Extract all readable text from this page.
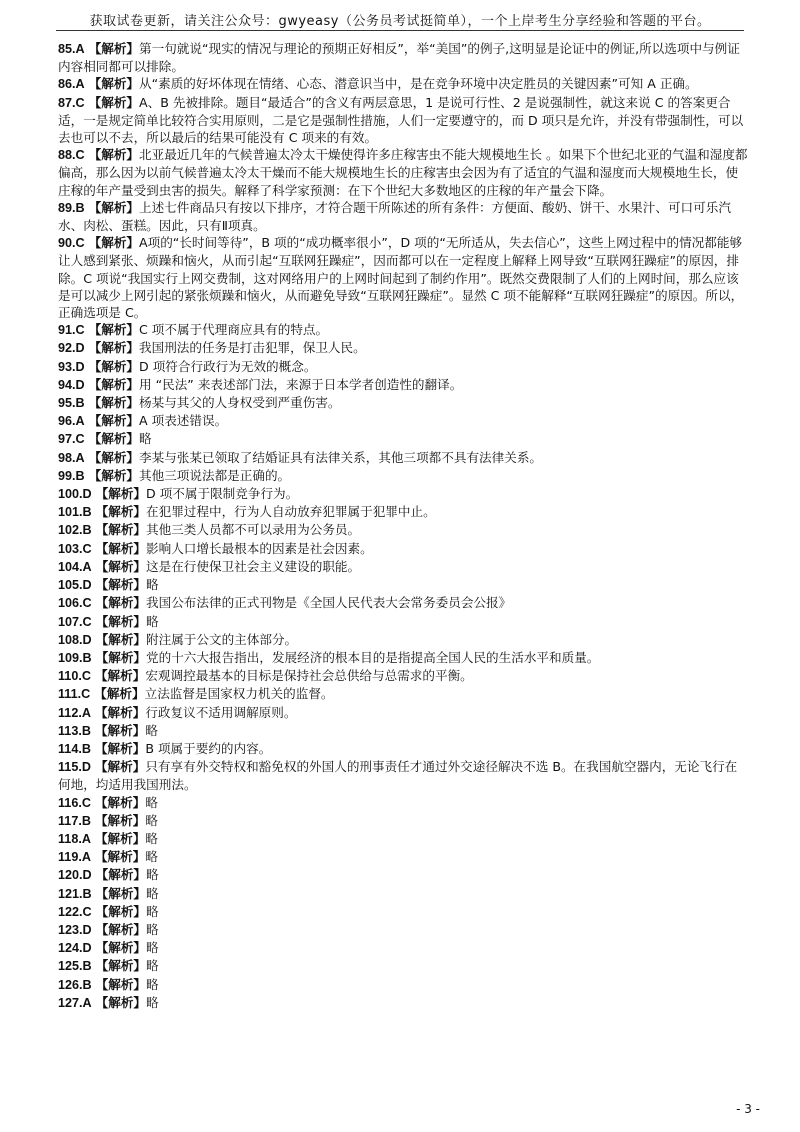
获取试卷更新，请关注公众号：gwyeasy（公务员考试挺简单），一个上岸考生分享经验和答题的平台。

85.A 【解析】第一句就说“现实的情况与理论的预期正好相反”，举“美国”的例子,这明显是论证中的例证,所以选项中与例证内容相同都可以排除。

86.A 【解析】从“素质的好坏体现在情绪、心态、潜意识当中，是在竞争环境中决定胜员的关键因素”可知 A 正确。

87.C 【解析】A、B 先被排除。题目“最适合”的含义有两层意思，1 是说可行性、2 是说强制性，就这来说 C 的答案更合适，一是规定简单比较符合实用原则，二是它是强制性措施，人们一定要遵守的，而 D 项只是允许，并没有带强制性，可以去也可以不去，所以最后的结果可能没有 C 项来的有效。

88.C 【解析】北亚最近几年的气候普遍太冷太干燥使得许多庄稼害虫不能大规模地生长 。如果下个世纪北亚的气温和湿度都偏高，那么因为以前气候普遍太冷太干燥而不能大规模地生长的庄稼害虫会因为有了适宜的气温和湿度而大规模地生长，使庄稼的年产量受到虫害的损失。解释了科学家预测：在下个世纪大多数地区的庄稼的年产量会下降。

89.B 【解析】上述七件商品只有按以下排序，才符合题干所陈述的所有条件：方便面、酸奶、饼干、水果汁、可口可乐汽水、肉松、蛋糕。因此，只有Ⅱ项真。

90.C 【解析】A项的“长时间等待”，B 项的“成功概率很小”，D 项的“无所适从，失去信心”，这些上网过程中的情况都能够让人感到紧张、烦躁和恼火，从而引起“互联网狂躁症”，因而都可以在一定程度上解释上网导致“互联网狂躁症”的原因，排除。C 项说“我国实行上网交费制，这对网络用户的上网时间起到了制约作用”。既然交费限制了人们的上网时间，那么应该是可以减少上网引起的紧张烦躁和恼火，从而避免导致“互联网狂躁症”。显然 C 项不能解释“互联网狂躁症”的原因。所以，正确选项是 C。

91.C 【解析】C 项不属于代理商应具有的特点。

92.D 【解析】我国刑法的任务是打击犯罪，保卫人民。

93.D 【解析】D 项符合行政行为无效的概念。

94.D 【解析】用 “民法” 来表述部门法，来源于日本学者创造性的翻译。

95.B 【解析】杨某与其父的人身权受到严重伤害。

96.A 【解析】A 项表述错误。

97.C 【解析】略

98.A 【解析】李某与张某已领取了结婚证具有法律关系，其他三项都不具有法律关系。

99.B 【解析】其他三项说法都是正确的。

100.D 【解析】D 项不属于限制竞争行为。

101.B 【解析】在犯罪过程中，行为人自动放弃犯罪属于犯罪中止。

102.B 【解析】其他三类人员都不可以录用为公务员。

103.C 【解析】影响人口增长最根本的因素是社会因素。

104.A 【解析】这是在行使保卫社会主义建设的职能。

105.D 【解析】略

106.C 【解析】我国公布法律的正式刊物是《全国人民代表大会常务委员会公报》

107.C 【解析】略

108.D 【解析】附注属于公文的主体部分。

109.B 【解析】党的十六大报告指出，发展经济的根本目的是指提高全国人民的生活水平和质量。

110.C 【解析】宏观调控最基本的目标是保持社会总供给与总需求的平衡。

111.C 【解析】立法监督是国家权力机关的监督。

112.A 【解析】行政复议不适用调解原则。

113.B 【解析】略

114.B 【解析】B 项属于要约的内容。

115.D 【解析】只有享有外交特权和豁免权的外国人的刑事责任才通过外交途径解决不选 B。在我国航空器内，无论飞行在何地，均适用我国刑法。

116.C 【解析】略

117.B 【解析】略

118.A 【解析】略

119.A 【解析】略

120.D 【解析】略

121.B 【解析】略

122.C 【解析】略

123.D 【解析】略

124.D 【解析】略

125.B 【解析】略

126.B 【解析】略

127.A 【解析】略

- 3 -
